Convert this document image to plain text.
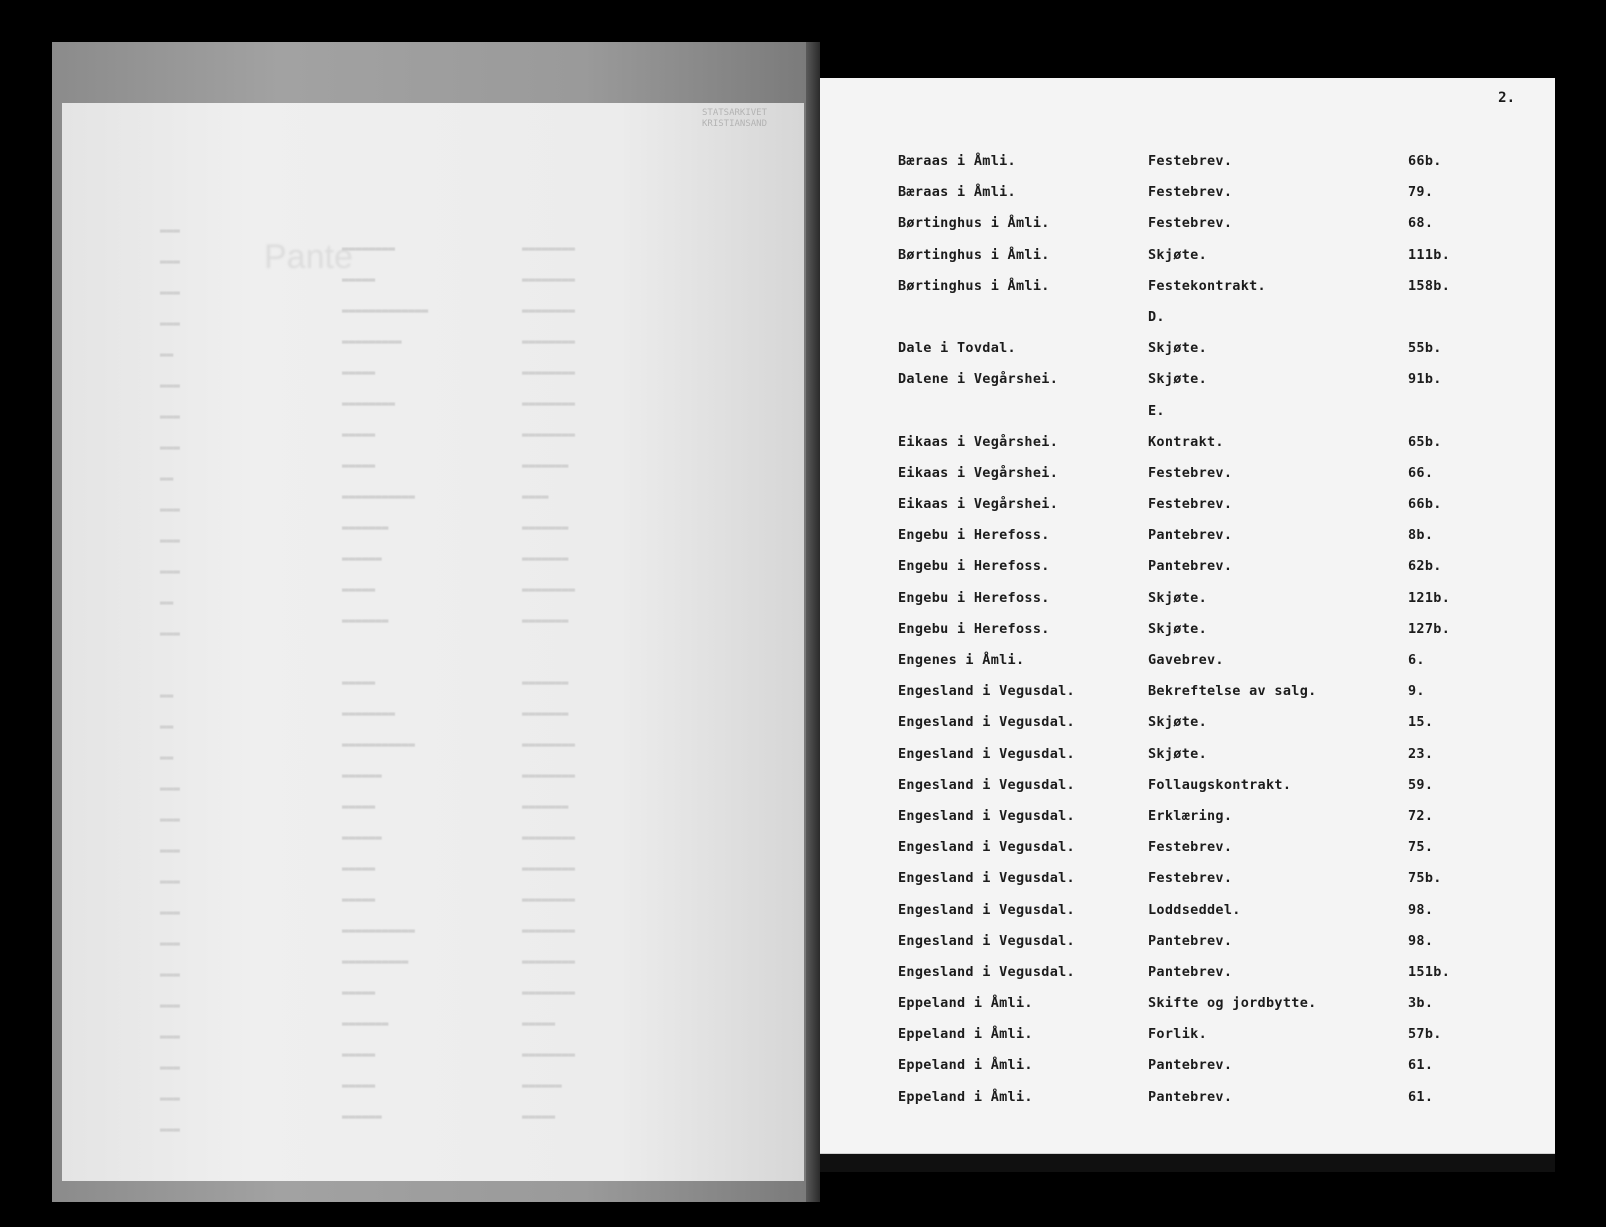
STATSARKIVET
KRISTIANSAND
Pante	▬▬▬▬▬▬▬▬
▬▬▬▬▬▬▬▬
▬▬▬▬▬▬▬▬
▬▬▬▬▬▬▬▬
▬▬▬▬▬▬▬▬
▬▬▬▬▬▬▬▬
▬▬▬▬▬▬▬▬
▬▬▬▬▬▬▬
▬▬▬▬
▬▬▬▬▬▬▬
▬▬▬▬▬▬▬
▬▬▬▬▬▬▬▬
▬▬▬▬▬▬▬

▬▬▬▬▬▬▬
▬▬▬▬▬▬▬
▬▬▬▬▬▬▬▬
▬▬▬▬▬▬▬▬
▬▬▬▬▬▬▬
▬▬▬▬▬▬▬▬
▬▬▬▬▬▬▬▬
▬▬▬▬▬▬▬▬
▬▬▬▬▬▬▬▬
▬▬▬▬▬▬▬▬
▬▬▬▬▬▬▬▬
▬▬▬▬▬
▬▬▬▬▬▬▬▬
▬▬▬▬▬▬
▬▬▬▬▬
▬▬▬▬▬▬▬▬
▬▬▬▬▬
▬▬▬▬▬▬▬▬▬▬▬▬▬
▬▬▬▬▬▬▬▬▬
▬▬▬▬▬
▬▬▬▬▬▬▬▬
▬▬▬▬▬
▬▬▬▬▬
▬▬▬▬▬▬▬▬▬▬▬
▬▬▬▬▬▬▬
▬▬▬▬▬▬
▬▬▬▬▬
▬▬▬▬▬▬▬

▬▬▬▬▬
▬▬▬▬▬▬▬▬
▬▬▬▬▬▬▬▬▬▬▬
▬▬▬▬▬▬
▬▬▬▬▬
▬▬▬▬▬▬
▬▬▬▬▬
▬▬▬▬▬
▬▬▬▬▬▬▬▬▬▬▬
▬▬▬▬▬▬▬▬▬▬
▬▬▬▬▬
▬▬▬▬▬▬▬
▬▬▬▬▬
▬▬▬▬▬
▬▬▬▬▬▬
▬▬▬
▬▬▬
▬▬▬
▬▬▬
▬▬
▬▬▬
▬▬▬
▬▬▬
▬▬
▬▬▬
▬▬▬
▬▬▬
▬▬
▬▬▬

▬▬
▬▬
▬▬
▬▬▬
▬▬▬
▬▬▬
▬▬▬
▬▬▬
▬▬▬
▬▬▬
▬▬▬
▬▬▬
▬▬▬
▬▬▬
▬▬▬
2.
Bæraas i Åmli.	Festebrev.	66b.
Bæraas i Åmli.	Festebrev.	79.
Børtinghus i Åmli.	Festebrev.	68.
Børtinghus i Åmli.	Skjøte.	111b.
Børtinghus i Åmli.	Festekontrakt.	158b.
D.
Dale i Tovdal.	Skjøte.	55b.
Dalene i Vegårshei.	Skjøte.	91b.
E.
Eikaas i Vegårshei.	Kontrakt.	65b.
Eikaas i Vegårshei.	Festebrev.	66.
Eikaas i Vegårshei.	Festebrev.	66b.
Engebu i Herefoss.	Pantebrev.	8b.
Engebu i Herefoss.	Pantebrev.	62b.
Engebu i Herefoss.	Skjøte.	121b.
Engebu i Herefoss.	Skjøte.	127b.
Engenes i Åmli.	Gavebrev.	6.
Engesland i Vegusdal.	Bekreftelse av salg.	9.
Engesland i Vegusdal.	Skjøte.	15.
Engesland i Vegusdal.	Skjøte.	23.
Engesland i Vegusdal.	Follaugskontrakt.	59.
Engesland i Vegusdal.	Erklæring.	72.
Engesland i Vegusdal.	Festebrev.	75.
Engesland i Vegusdal.	Festebrev.	75b.
Engesland i Vegusdal.	Loddseddel.	98.
Engesland i Vegusdal.	Pantebrev.	98.
Engesland i Vegusdal.	Pantebrev.	151b.
Eppeland i Åmli.	Skifte og jordbytte.	3b.
Eppeland i Åmli.	Forlik.	57b.
Eppeland i Åmli.	Pantebrev.	61.
Eppeland i Åmli.	Pantebrev.	61.
